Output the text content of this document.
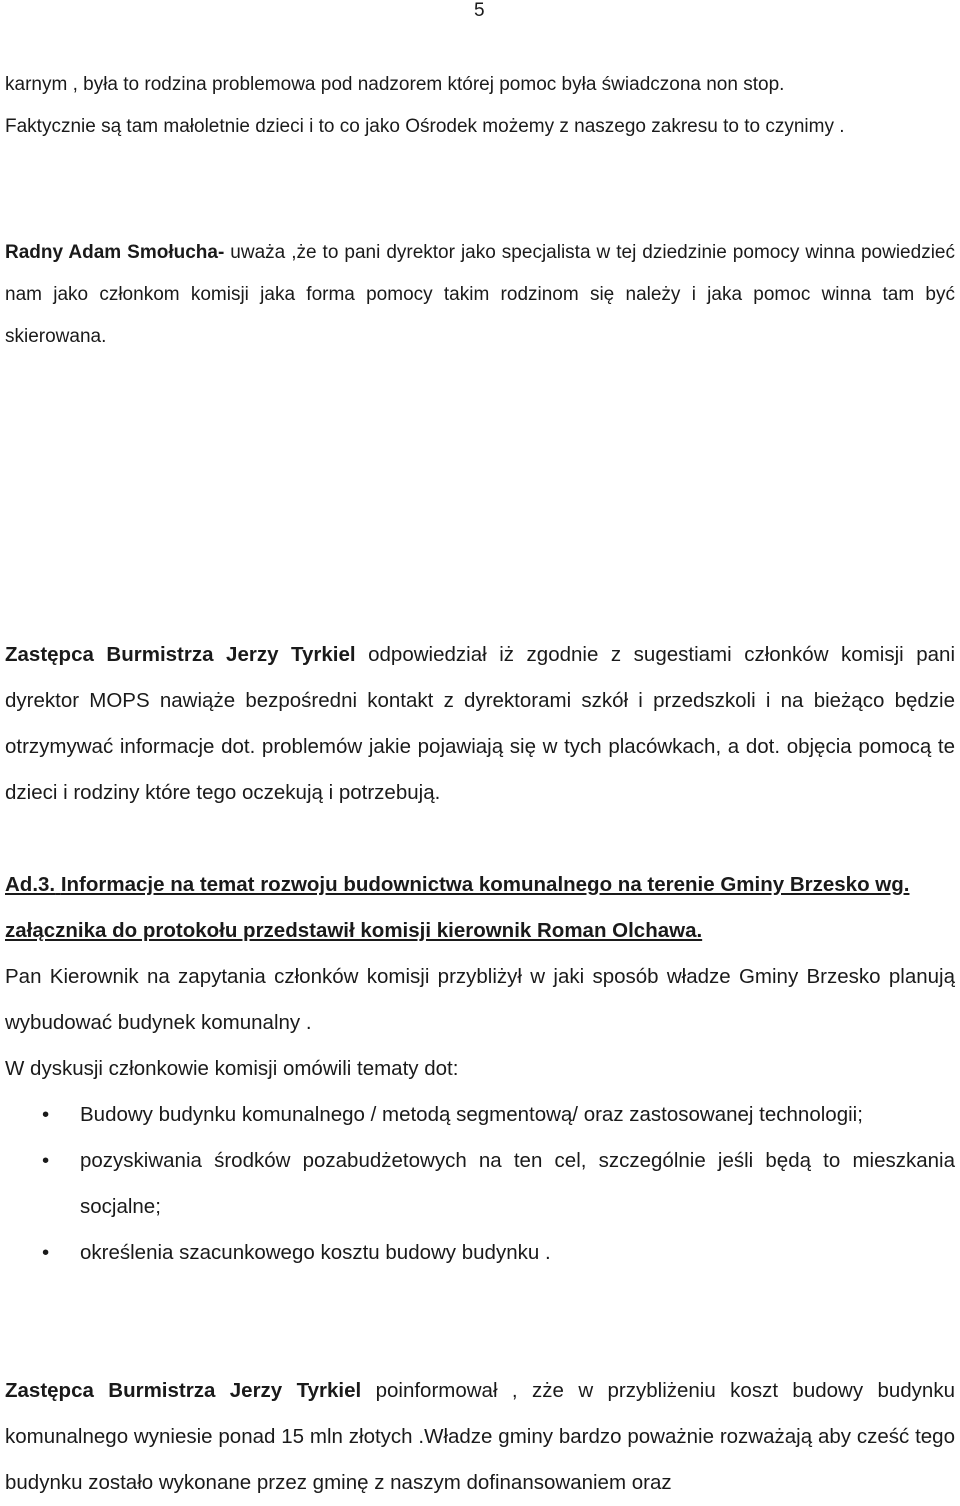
5

karnym , była to rodzina problemowa pod nadzorem której pomoc była świadczona non stop.
Faktycznie są tam małoletnie dzieci i to co jako Ośrodek możemy z naszego zakresu to to czynimy .

Radny Adam Smołucha- uważa ,że to pani dyrektor jako specjalista w tej dziedzinie pomocy winna powiedzieć nam jako członkom komisji jaka forma pomocy takim rodzinom się należy i jaka pomoc winna tam być skierowana.

Zastępca Burmistrza Jerzy Tyrkiel odpowiedział iż zgodnie z sugestiami członków komisji pani dyrektor MOPS nawiąże bezpośredni kontakt z dyrektorami szkół i przedszkoli i na bieżąco będzie otrzymywać informacje dot. problemów jakie pojawiają się w tych placówkach, a dot. objęcia pomocą te dzieci i rodziny które tego oczekują i potrzebują.

Ad.3. Informacje na temat rozwoju budownictwa komunalnego na terenie Gminy Brzesko wg. załącznika do protokołu przedstawił komisji kierownik Roman Olchawa.

Pan Kierownik na zapytania członków komisji przybliżył w jaki sposób władze Gminy Brzesko planują wybudować budynek komunalny .

W dyskusji członkowie komisji omówili tematy dot:

• Budowy budynku komunalnego / metodą segmentową/ oraz zastosowanej technologii;
• pozyskiwania środków pozabudżetowych na ten cel, szczególnie jeśli będą to mieszkania socjalne;
• określenia szacunkowego kosztu budowy budynku .

Zastępca Burmistrza Jerzy Tyrkiel poinformował , zże w przybliżeniu koszt budowy budynku komunalnego wyniesie ponad 15 mln złotych .Władze gminy bardzo poważnie rozważają aby cześć tego budynku zostało wykonane przez gminę z naszym dofinansowaniem oraz
